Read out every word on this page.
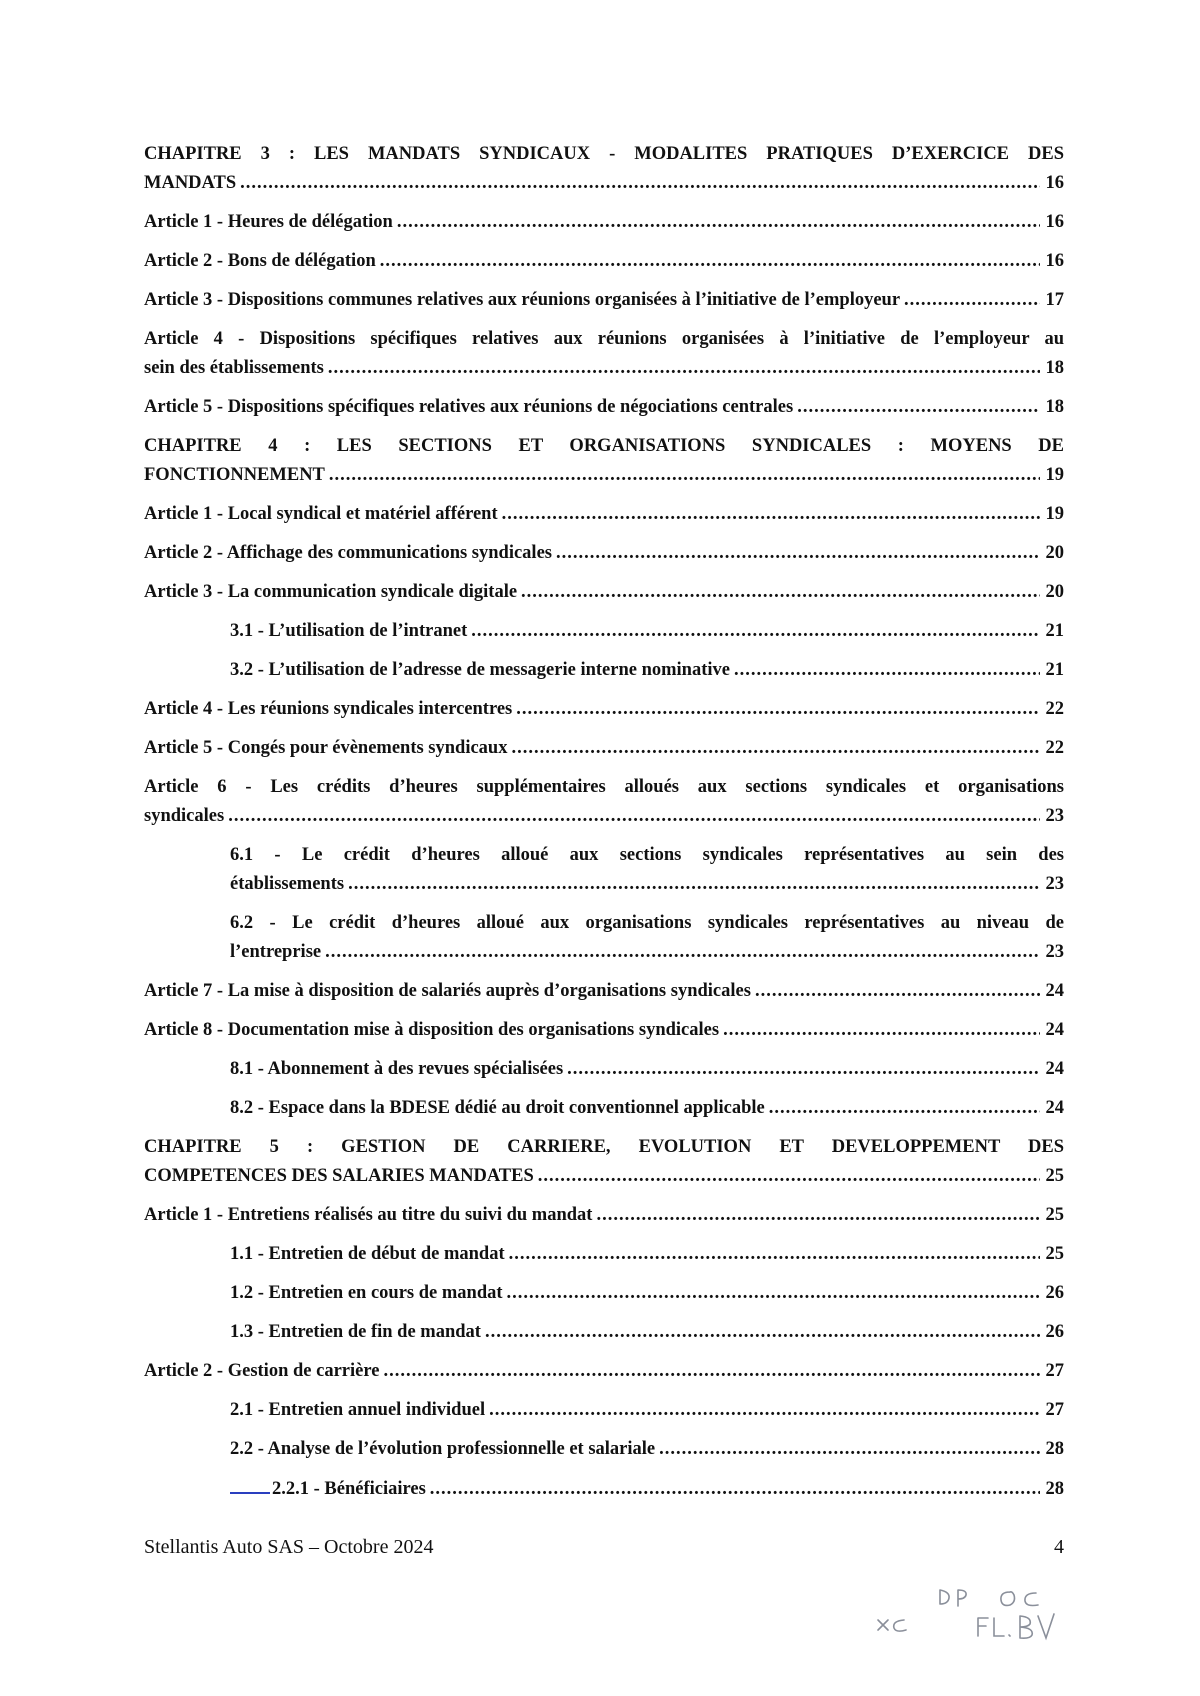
CHAPITRE 3 : LES MANDATS SYNDICAUX - MODALITES PRATIQUES D’EXERCICE DES
MANDATS .....	16
Article 1 - Heures de délégation .....	16
Article 2 - Bons de délégation .....	16
Article 3 - Dispositions communes relatives aux réunions organisées à l’initiative de l’employeur .....	17
Article 4 - Dispositions spécifiques relatives aux réunions organisées à l’initiative de l’employeur au
sein des établissements .....	18
Article 5 - Dispositions spécifiques relatives aux réunions de négociations centrales .....	18
CHAPITRE 4 : LES SECTIONS ET ORGANISATIONS SYNDICALES : MOYENS DE
FONCTIONNEMENT .....	19
Article 1 - Local syndical et matériel afférent .....	19
Article 2 - Affichage des communications syndicales .....	20
Article 3 - La communication syndicale digitale .....	20
3.1 - L’utilisation de l’intranet .....	21
3.2 - L’utilisation de l’adresse de messagerie interne nominative .....	21
Article 4 - Les réunions syndicales intercentres .....	22
Article 5 - Congés pour évènements syndicaux .....	22
Article 6 - Les crédits d’heures supplémentaires alloués aux sections syndicales et organisations
syndicales .....	23
6.1 - Le crédit d’heures alloué aux sections syndicales représentatives au sein des
établissements .....	23
6.2 - Le crédit d’heures alloué aux organisations syndicales représentatives au niveau de
l’entreprise .....	23
Article 7 - La mise à disposition de salariés auprès d’organisations syndicales .....	24
Article 8 - Documentation mise à disposition des organisations syndicales .....	24
8.1 - Abonnement à des revues spécialisées .....	24
8.2 - Espace dans la BDESE dédié au droit conventionnel applicable .....	24
CHAPITRE 5 : GESTION DE CARRIERE, EVOLUTION ET DEVELOPPEMENT DES
COMPETENCES DES SALARIES MANDATES .....	25
Article 1 - Entretiens réalisés au titre du suivi du mandat .....	25
1.1 - Entretien de début de mandat .....	25
1.2 - Entretien en cours de mandat .....	26
1.3 - Entretien de fin de mandat .....	26
Article 2 - Gestion de carrière .....	27
2.1 - Entretien annuel individuel .....	27
2.2 - Analyse de l’évolution professionnelle et salariale .....	28
2.2.1 - Bénéficiaires .....	28
Stellantis Auto SAS – Octobre 2024	4
